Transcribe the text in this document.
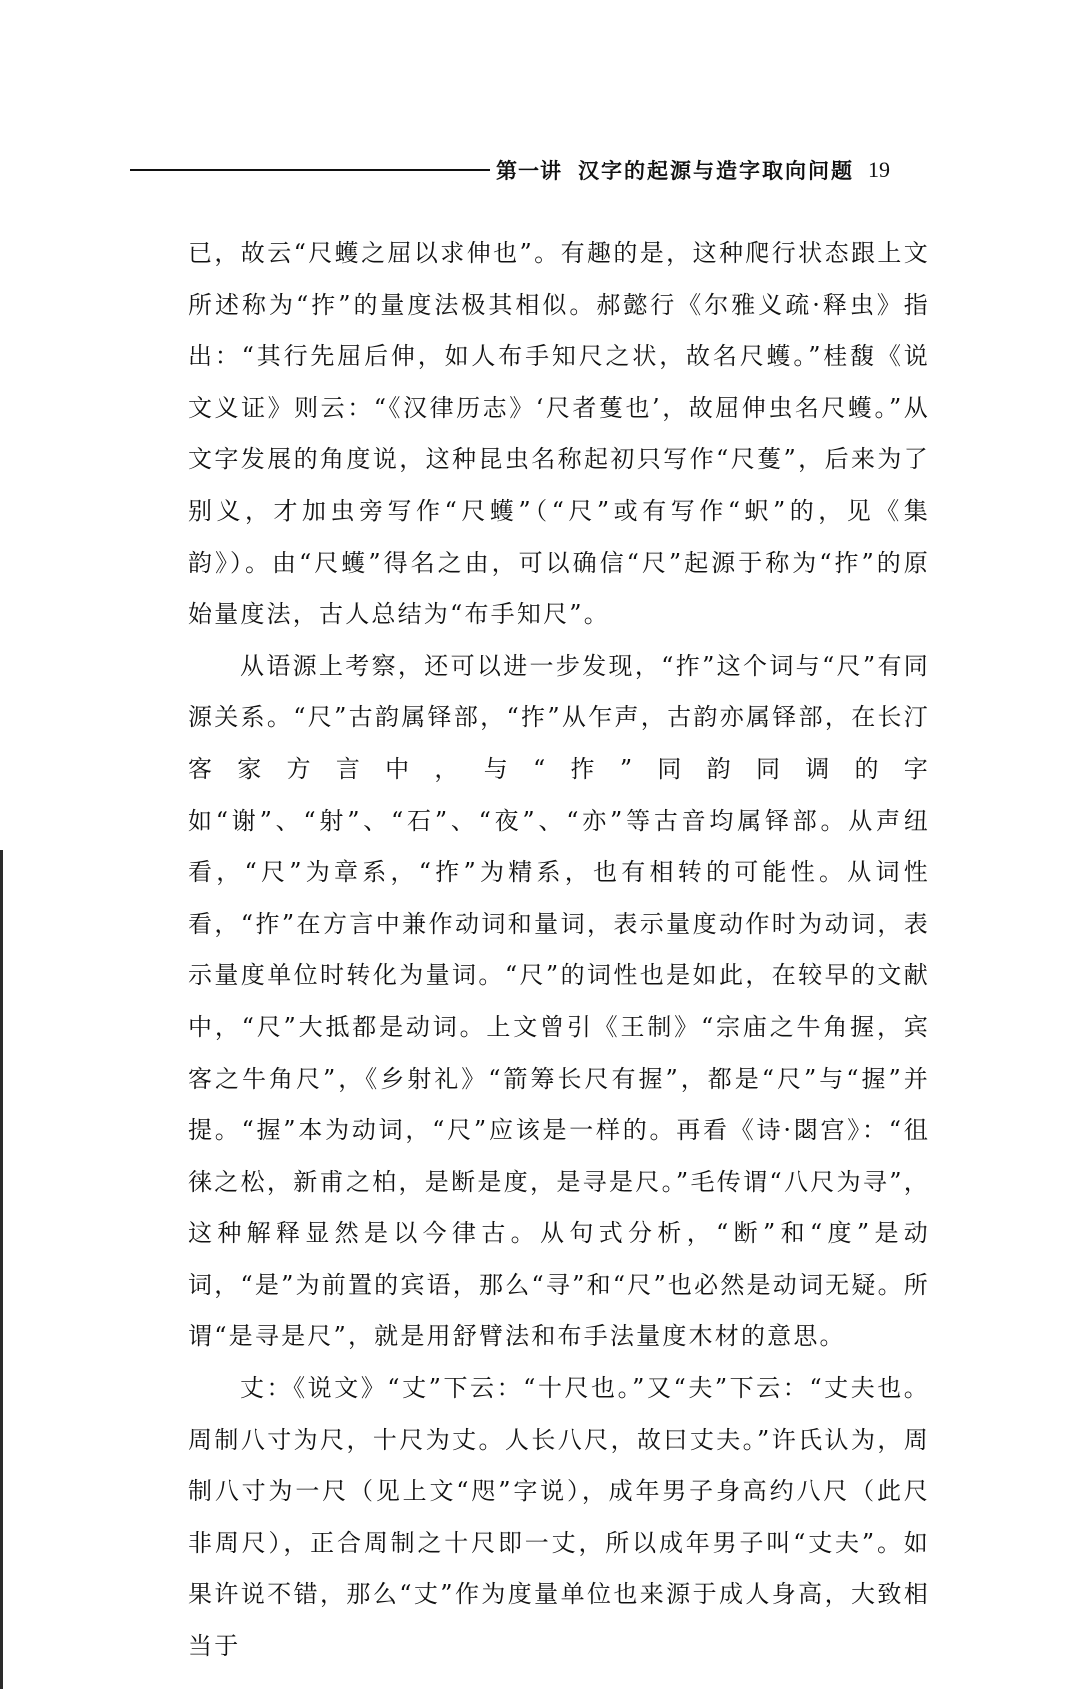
第一讲 汉字的起源与造字取向问题 19

已，故云“尺蠖之屈以求伸也”。有趣的是，这种爬行状态跟上文所述称为“拃”的量度法极其相似。郝懿行《尔雅义疏·释虫》指出：“其行先屈后伸，如人布手知尺之状，故名尺蠖。”桂馥《说文义证》则云：“《汉律历志》‘尺者蒦也’，故屈伸虫名尺蠖。”从文字发展的角度说，这种昆虫名称起初只写作“尺蒦”，后来为了别义，才加虫旁写作“尺蠖”（“尺”或有写作“蚇”的，见《集韵》）。由“尺蠖”得名之由，可以确信“尺”起源于称为“拃”的原始量度法，古人总结为“布手知尺”。

从语源上考察，还可以进一步发现，“拃”这个词与“尺”有同源关系。“尺”古韵属铎部，“拃”从乍声，古韵亦属铎部，在长汀客家方言中，与“拃”同韵同调的字如“谢”、“射”、“石”、“夜”、“亦”等古音均属铎部。从声纽看，“尺”为章系，“拃”为精系，也有相转的可能性。从词性看，“拃”在方言中兼作动词和量词，表示量度动作时为动词，表示量度单位时转化为量词。“尺”的词性也是如此，在较早的文献中，“尺”大抵都是动词。上文曾引《王制》“宗庙之牛角握，宾客之牛角尺”，《乡射礼》“箭筹长尺有握”，都是“尺”与“握”并提。“握”本为动词，“尺”应该是一样的。再看《诗·閟宫》：“徂徕之松，新甫之柏，是断是度，是寻是尺。”毛传谓“八尺为寻”，这种解释显然是以今律古。从句式分析，“断”和“度”是动词，“是”为前置的宾语，那么“寻”和“尺”也必然是动词无疑。所谓“是寻是尺”，就是用舒臂法和布手法量度木材的意思。

丈：《说文》“丈”下云：“十尺也。”又“夫”下云：“丈夫也。周制八寸为尺，十尺为丈。人长八尺，故曰丈夫。”许氏认为，周制八寸为一尺（见上文“咫”字说），成年男子身高约八尺（此尺非周尺），正合周制之十尺即一丈，所以成年男子叫“丈夫”。如果许说不错，那么“丈”作为度量单位也来源于成人身高，大致相当于
